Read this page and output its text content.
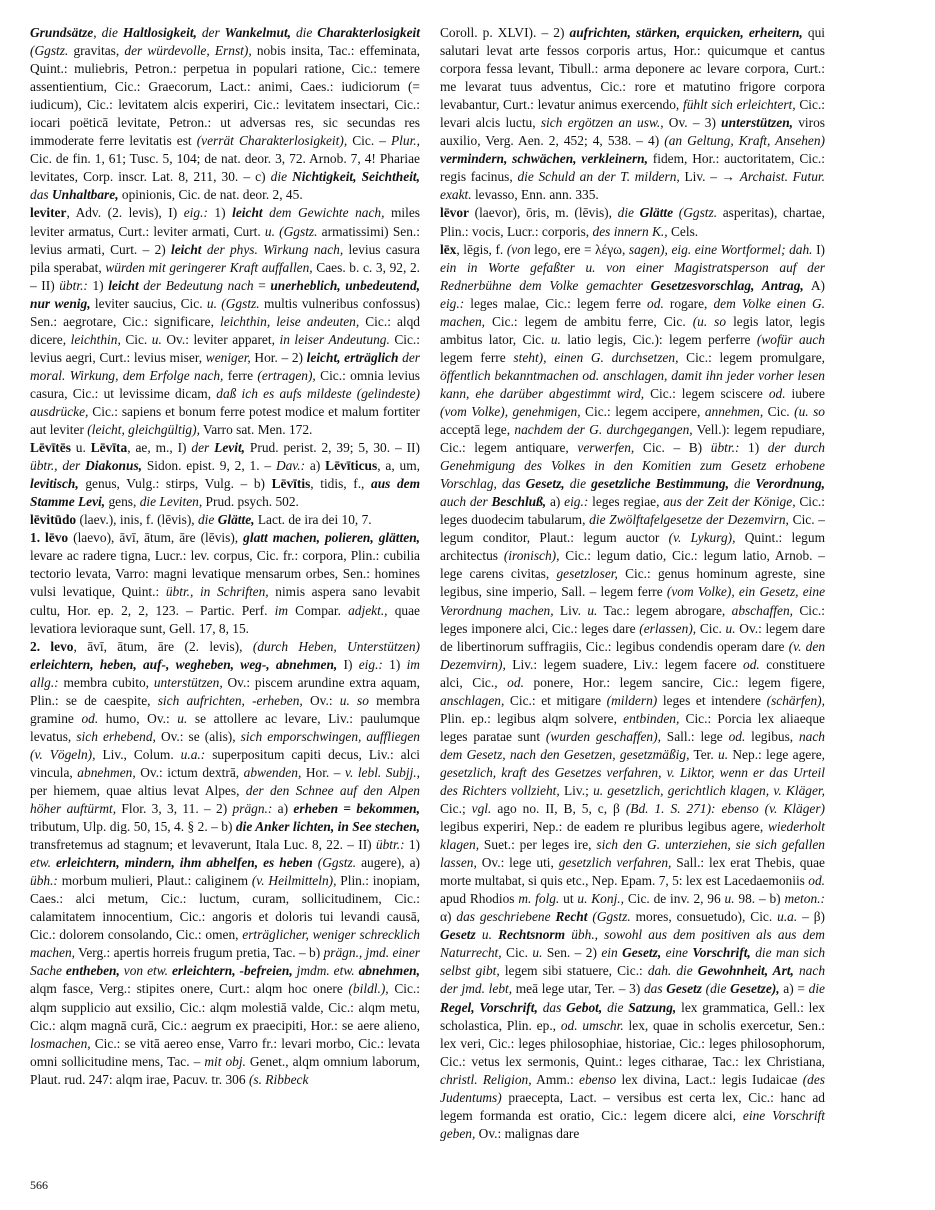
Grundsätze, die Haltlosigkeit, der Wankelmut, die Charakterlosigkeit (Ggstz. gravitas, der würdevolle, Ernst), nobis insita, Tac.: effeminata, Quint.: muliebris, Petron.: perpetua in populari ratione, Cic.: temere assentientium, Cic.: Graecorum, Lact.: animi, Caes.: iudiciorum (= iudicum), Cic.: levitatem alcis experiri, Cic.: levitatem insectari, Cic.: iocari poëticā levitate, Petron.: ut adversas res, sic secundas res immoderate ferre levitatis est (verrät Charakterlosigkeit), Cic. – Plur., Cic. de fin. 1, 61; Tusc. 5, 104; de nat. deor. 3, 72. Arnob. 7, 4! Phariae levitates, Corp. inscr. Lat. 8, 211, 30. – c) die Nichtigkeit, Seichtheit, das Unhaltbare, opinionis, Cic. de nat. deor. 2, 45.

leviter, Adv. (2. levis), I) eig.: 1) leicht dem Gewichte nach, miles leviter armatus, Curt.: leviter armati, Curt. u. (Ggstz. armatissimi) Sen.: levius armati, Curt. – 2) leicht der phys. Wirkung nach, levius casura pila sperabat, würden mit geringerer Kraft auffallen, Caes. b. c. 3, 92, 2. – II) übtr.: 1) leicht der Bedeutung nach = unerheblich, unbedeutend, nur wenig, leviter saucius, Cic. u. (Ggstz. multis vulneribus confossus) Sen.: aegrotare, Cic.: significare, leichthin, leise andeuten, Cic.: alqd dicere, leichthin, Cic. u. Ov.: leviter apparet, in leiser Andeutung. Cic.: levius aegri, Curt.: levius miser, weniger, Hor. – 2) leicht, erträglich der moral. Wirkung, dem Erfolge nach, ferre (ertragen), Cic.: omnia levius casura, Cic.: ut levissime dicam, daß ich es aufs mildeste (gelindeste) ausdrücke, Cic.: sapiens et bonum ferre potest modice et malum fortiter aut leviter (leicht, gleichgültig), Varro sat. Men. 172.

Lēvītēs u. Lēvīta, ae, m., I) der Levit, Prud. perist. 2, 39; 5, 30. – II) übtr., der Diakonus, Sidon. epist. 9, 2, 1. – Dav.: a) Lēvīticus, a, um, levitisch, genus, Vulg.: stirps, Vulg. – b) Lēvītis, tidis, f., aus dem Stamme Levi, gens, die Leviten, Prud. psych. 502.

lēvitūdo (laev.), inis, f. (lēvis), die Glätte, Lact. de ira dei 10, 7.

1. lēvo (laevo), āvī, ātum, āre (lēvis), glatt machen, polieren, glätten, levare ac radere tigna, Lucr.: lev. corpus, Cic. fr.: corpora, Plin.: cubilia tectorio levata, Varro: magni levatique mensarum orbes, Sen.: homines vulsi levatique, Quint.: übtr., in Schriften, nimis aspera sano levabit cultu, Hor. ep. 2, 2, 123. – Partic. Perf. im Compar. adjekt., quae levatiora levioraque sunt, Gell. 17, 8, 15.

2. levo, āvī, ātum, āre (2. levis), (durch Heben, Unterstützen) erleichtern, heben, auf-, wegheben, weg-, abnehmen, I) eig.: 1) im allg.: membra cubito, unterstützen, Ov.: piscem arundine extra aquam, Plin.: se de caespite, sich aufrichten, -erheben, Ov.: u. so membra gramine od. humo, Ov.: u. se attollere ac levare, Liv.: paulumque levatus, sich erhebend, Ov.: se (alis), sich emporschwingen, auffliegen (v. Vögeln), Liv., Colum. u.a.: superpositum capiti decus, Liv.: alci vincula, abnehmen, Ov.: ictum dextrā, abwenden, Hor. – v. lebl. Subjj., per hiemem, quae altius levat Alpes, der den Schnee auf den Alpen höher auftürmt, Flor. 3, 3, 11. – 2) prägn.: a) erheben = bekommen, tributum, Ulp. dig. 50, 15, 4. § 2. – b) die Anker lichten, in See stechen, transfretemus ad stagnum; et levaverunt, Itala Luc. 8, 22. – II) übtr.: 1) etw. erleichtern, mindern, ihm abhelfen, es heben (Ggstz. augere), a) übh.: morbum mulieri, Plaut.: caliginem (v. Heilmitteln), Plin.: inopiam, Caes.: alci metum, Cic.: luctum, curam, sollicitudinem, Cic.: calamitatem innocentium, Cic.: angoris et doloris tui levandi causā, Cic.: dolorem consolando, Cic.: omen, erträglicher, weniger schrecklich machen, Verg.: apertis horreis frugum pretia, Tac. – b) prägn., jmd. einer Sache entheben, von etw. erleichtern, -befreien, jmdm. etw. abnehmen, alqm fasce, Verg.: stipites onere, Curt.: alqm hoc onere (bildl.), Cic.: alqm supplicio aut exsilio, Cic.: alqm molestiā valde, Cic.: alqm metu, Cic.: alqm magnā curā, Cic.: aegrum ex praecipiti, Hor.: se aere alieno, losmachen, Cic.: se vitā aereo ense, Varro fr.: levari morbo, Cic.: levata omni sollicitudine mens, Tac. – mit obj. Genet., alqm omnium laborum, Plaut. rud. 247: alqm irae, Pacuv. tr. 306 (s. Ribbeck

Coroll. p. XLVI). – 2) aufrichten, stärken, erquicken, erheitern, qui salutari levat arte fessos corporis artus, Hor.: quicumque et cantus corpora fessa levant, Tibull.: arma deponere ac levare corpora, Curt.: me levarat tuus adventus, Cic.: rore et matutino frigore corpora levabantur, Curt.: levatur animus exercendo, fühlt sich erleichtert, Cic.: levari alcis luctu, sich ergötzen an usw., Ov. – 3) unterstützen, viros auxilio, Verg. Aen. 2, 452; 4, 538. – 4) (an Geltung, Kraft, Ansehen) vermindern, schwächen, verkleinern, fidem, Hor.: auctoritatem, Cic.: regis facinus, die Schuld an der T. mildern, Liv. – → Archaist. Futur. exakt. levasso, Enn. ann. 335.

lēvor (laevor), ōris, m. (lēvis), die Glätte (Ggstz. asperitas), chartae, Plin.: vocis, Lucr.: corporis, des innern K., Cels.

lēx, lēgis, f. (von lego, ere = λέγω, sagen), eig. eine Wortformel; dah. I) ein in Worte gefaßter u. von einer Magistratsperson auf der Rednerbühne dem Volke gemachter Gesetzesvorschlag, Antrag, A) eig.: leges malae, Cic.: legem ferre od. rogare, dem Volke einen G. machen, Cic.: legem de ambitu ferre, Cic. (u. so legis lator, legis ambitus lator, Cic. u. latio legis, Cic.): legem perferre (wofür auch legem ferre steht), einen G. durchsetzen, Cic.: legem promulgare, öffentlich bekanntmachen od. anschlagen, damit ihn jeder vorher lesen kann, ehe darüber abgestimmt wird, Cic.: legem sciscere od. iubere (vom Volke), genehmigen, Cic.: legem accipere, annehmen, Cic. (u. so acceptā lege, nachdem der G. durchgegangen, Vell.): legem repudiare, Cic.: legem antiquare, verwerfen, Cic. – B) übtr.: 1) der durch Genehmigung des Volkes in den Komitien zum Gesetz erhobene Vorschlag, das Gesetz, die gesetzliche Bestimmung, die Verordnung, auch der Beschluß, a) eig.: leges regiae, aus der Zeit der Könige, Cic.: leges duodecim tabularum, die Zwölftafelgesetze der Dezemvirn, Cic. – legum conditor, Plaut.: legum auctor (v. Lykurg), Quint.: legum architectus (ironisch), Cic.: legum datio, Cic.: legum latio, Arnob. – lege carens civitas, gesetzloser, Cic.: genus hominum agreste, sine legibus, sine imperio, Sall. – legem ferre (vom Volke), ein Gesetz, eine Verordnung machen, Liv. u. Tac.: legem abrogare, abschaffen, Cic.: leges imponere alci, Cic.: leges dare (erlassen), Cic. u. Ov.: legem dare de libertinorum suffragiis, Cic.: legibus condendis operam dare (v. den Dezemvirn), Liv.: legem suadere, Liv.: legem facere od. constituere alci, Cic., od. ponere, Hor.: legem sancire, Cic.: legem figere, anschlagen, Cic.: et mitigare (mildern) leges et intendere (schärfen), Plin. ep.: legibus alqm solvere, entbinden, Cic.: Porcia lex aliaeque leges paratae sunt (wurden geschaffen), Sall.: lege od. legibus, nach dem Gesetz, nach den Gesetzen, gesetzmäßig, Ter. u. Nep.: lege agere, gesetzlich, kraft des Gesetzes verfahren, v. Liktor, wenn er das Urteil des Richters vollzieht, Liv.; u. gesetzlich, gerichtlich klagen, v. Kläger, Cic.; vgl. ago no. II, B, 5, c, β (Bd. 1. S. 271): ebenso (v. Kläger) legibus experiri, Nep.: de eadem re pluribus legibus agere, wiederholt klagen, Suet.: per leges ire, sich den G. unterziehen, sie sich gefallen lassen, Ov.: lege uti, gesetzlich verfahren, Sall.: lex erat Thebis, quae morte multabat, si quis etc., Nep. Epam. 7, 5: lex est Lacedaemoniis od. apud Rhodios m. folg. ut u. Konj., Cic. de inv. 2, 96 u. 98. – b) meton.: α) das geschriebene Recht (Ggstz. mores, consuetudo), Cic. u.a. – β) Gesetz u. Rechtsnorm übh., sowohl aus dem positiven als aus dem Naturrecht, Cic. u. Sen. – 2) ein Gesetz, eine Vorschrift, die man sich selbst gibt, legem sibi statuere, Cic.: dah. die Gewohnheit, Art, nach der jmd. lebt, meā lege utar, Ter. – 3) das Gesetz (die Gesetze), a) = die Regel, Vorschrift, das Gebot, die Satzung, lex grammatica, Gell.: lex scholastica, Plin. ep., od. umschr. lex, quae in scholis exercetur, Sen.: lex veri, Cic.: leges philosophiae, historiae, Cic.: leges philosophorum, Cic.: vetus lex sermonis, Quint.: leges citharae, Tac.: lex Christiana, christl. Religion, Amm.: ebenso lex divina, Lact.: legis Iudaicae (des Judentums) praecepta, Lact. – versibus est certa lex, Cic.: hanc ad legem formanda est oratio, Cic.: legem dicere alci, eine Vorschrift geben, Ov.: malignas dare

566
